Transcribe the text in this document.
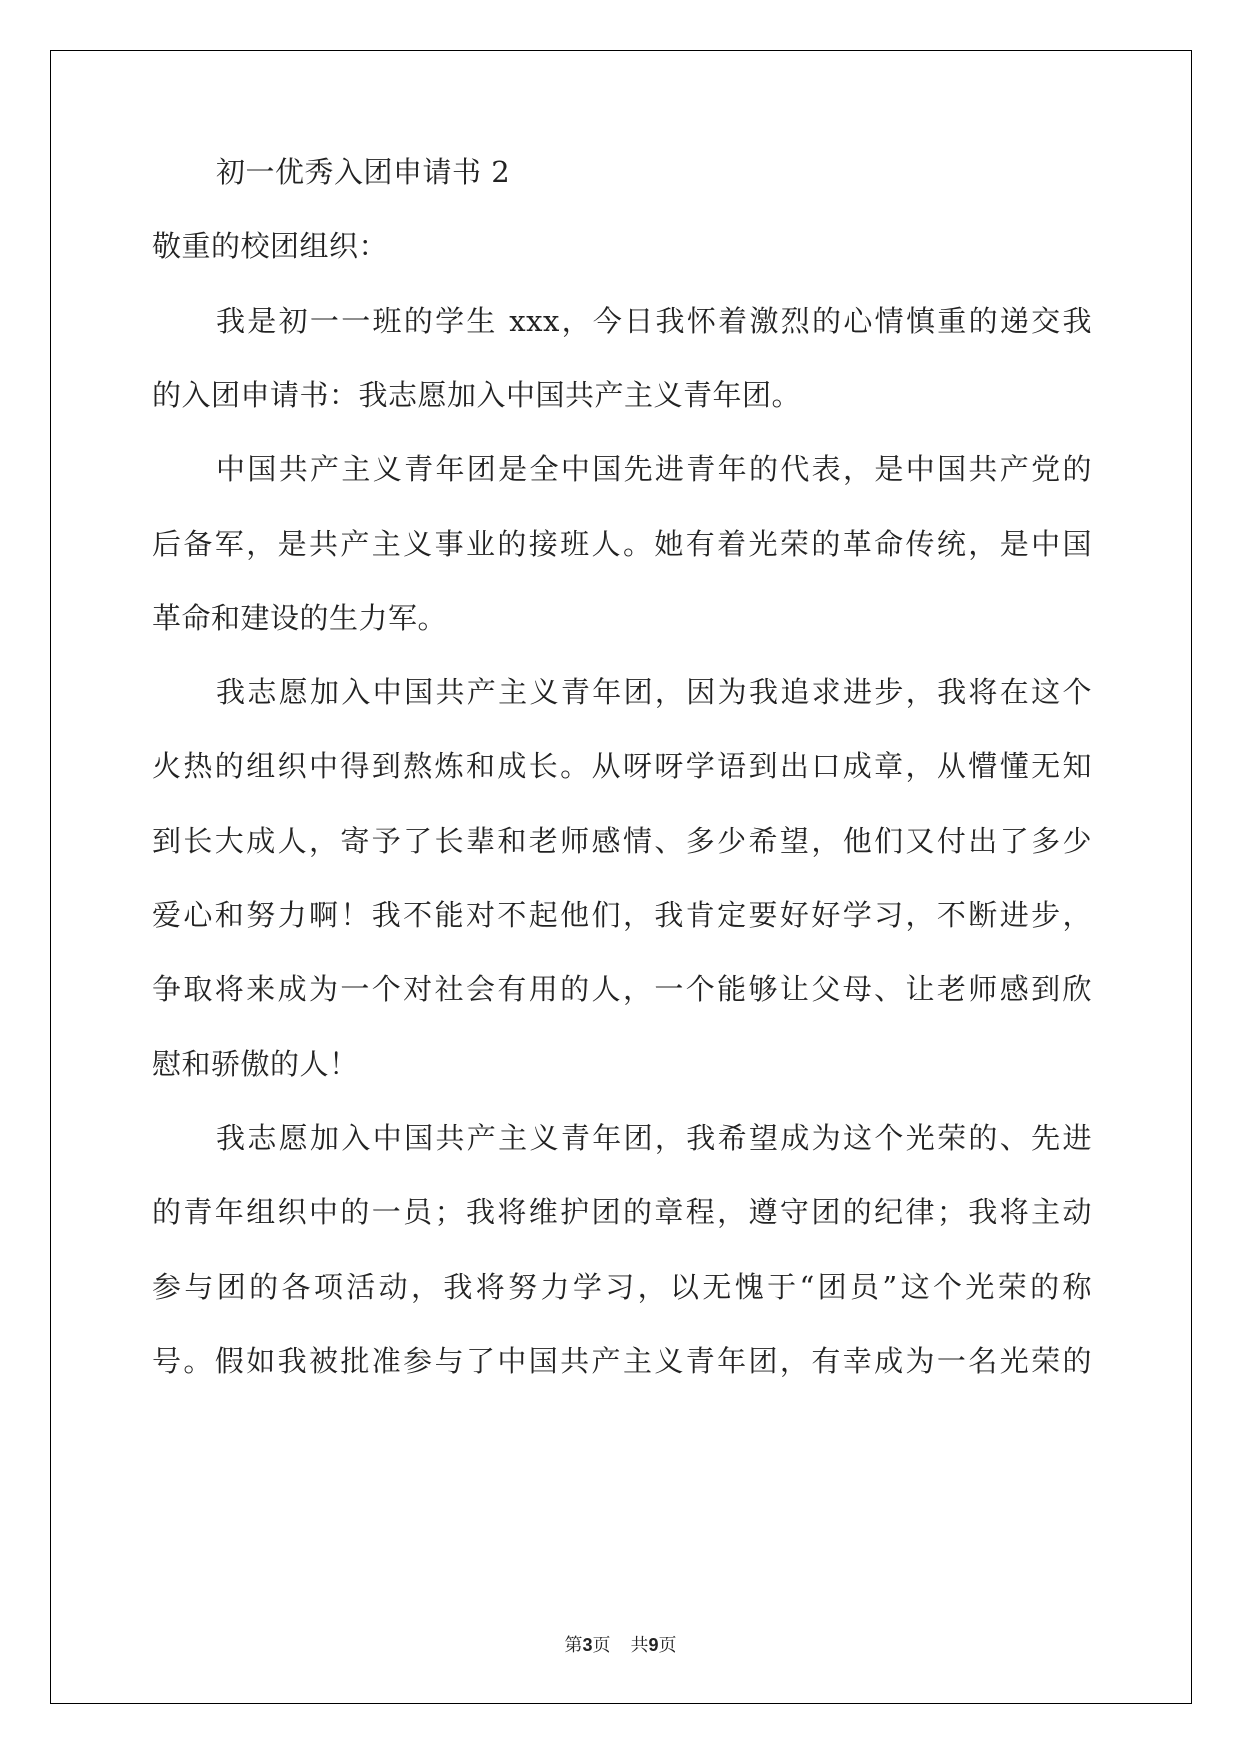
初一优秀入团申请书 2
敬重的校团组织：
我是初一一班的学生 xxx，今日我怀着激烈的心情慎重的递交我
的入团申请书：我志愿加入中国共产主义青年团。
中国共产主义青年团是全中国先进青年的代表，是中国共产党的
后备军，是共产主义事业的接班人。她有着光荣的革命传统，是中国
革命和建设的生力军。
我志愿加入中国共产主义青年团，因为我追求进步，我将在这个
火热的组织中得到熬炼和成长。从呀呀学语到出口成章，从懵懂无知
到长大成人，寄予了长辈和老师感情、多少希望，他们又付出了多少
爱心和努力啊！我不能对不起他们，我肯定要好好学习，不断进步，
争取将来成为一个对社会有用的人，一个能够让父母、让老师感到欣
慰和骄傲的人！
我志愿加入中国共产主义青年团，我希望成为这个光荣的、先进
的青年组织中的一员；我将维护团的章程，遵守团的纪律；我将主动
参与团的各项活动，我将努力学习，以无愧于“团员”这个光荣的称
号。假如我被批准参与了中国共产主义青年团，有幸成为一名光荣的
第3页 共9页
